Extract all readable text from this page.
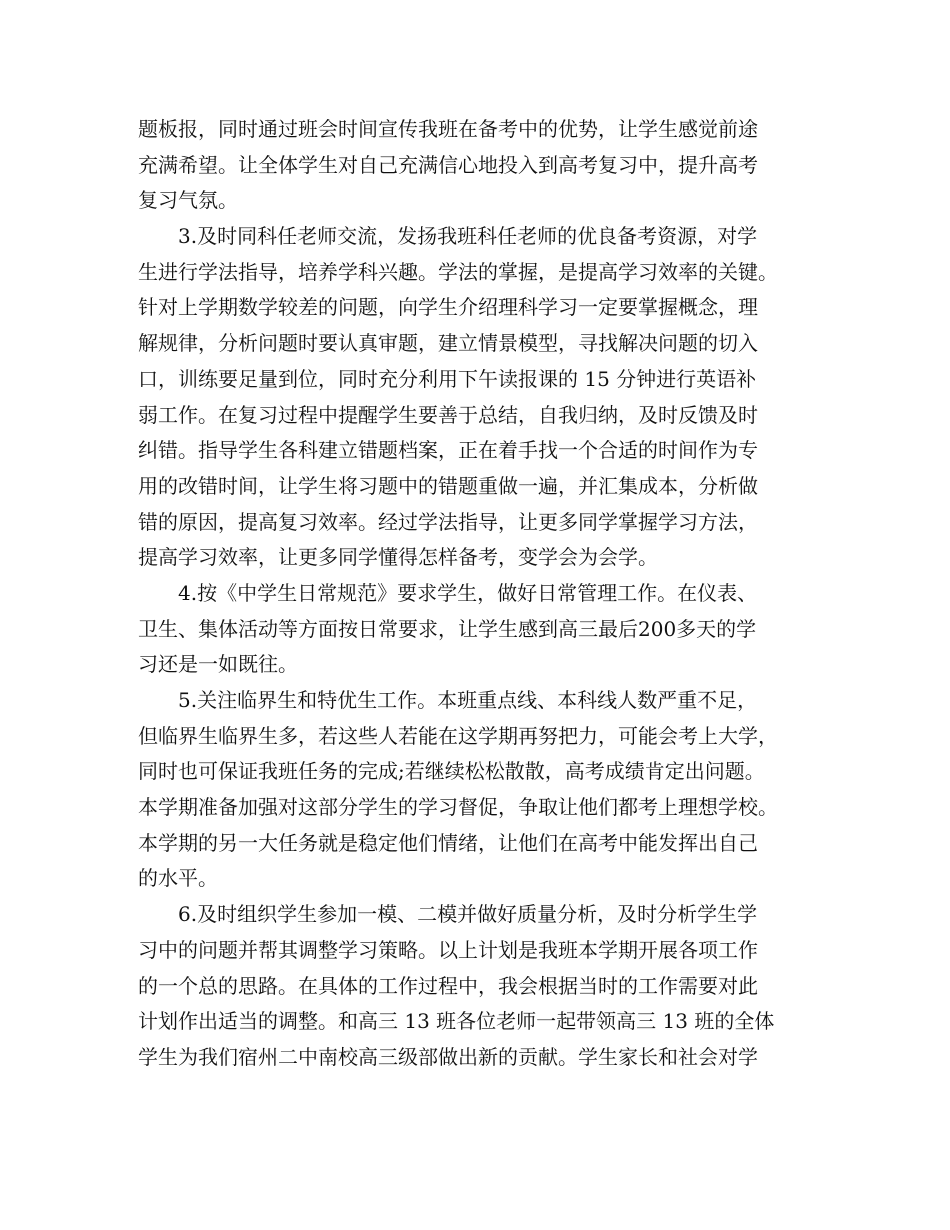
题板报，同时通过班会时间宣传我班在备考中的优势，让学生感觉前途
充满希望。让全体学生对自己充满信心地投入到高考复习中，提升高考
复习气氛。
3.及时同科任老师交流，发扬我班科任老师的优良备考资源，对学
生进行学法指导，培养学科兴趣。学法的掌握，是提高学习效率的关键。
针对上学期数学较差的问题，向学生介绍理科学习一定要掌握概念，理
解规律，分析问题时要认真审题，建立情景模型，寻找解决问题的切入
口，训练要足量到位，同时充分利用下午读报课的 15 分钟进行英语补
弱工作。在复习过程中提醒学生要善于总结，自我归纳，及时反馈及时
纠错。指导学生各科建立错题档案，正在着手找一个合适的时间作为专
用的改错时间，让学生将习题中的错题重做一遍，并汇集成本，分析做
错的原因，提高复习效率。经过学法指导，让更多同学掌握学习方法，
提高学习效率，让更多同学懂得怎样备考，变学会为会学。
4.按《中学生日常规范》要求学生，做好日常管理工作。在仪表、
卫生、集体活动等方面按日常要求，让学生感到高三最后200多天的学
习还是一如既往。
5.关注临界生和特优生工作。本班重点线、本科线人数严重不足，
但临界生临界生多，若这些人若能在这学期再努把力，可能会考上大学，
同时也可保证我班任务的完成;若继续松松散散，高考成绩肯定出问题。
本学期准备加强对这部分学生的学习督促，争取让他们都考上理想学校。
本学期的另一大任务就是稳定他们情绪，让他们在高考中能发挥出自己
的水平。
6.及时组织学生参加一模、二模并做好质量分析，及时分析学生学
习中的问题并帮其调整学习策略。以上计划是我班本学期开展各项工作
的一个总的思路。在具体的工作过程中，我会根据当时的工作需要对此
计划作出适当的调整。和高三 13 班各位老师一起带领高三 13 班的全体
学生为我们宿州二中南校高三级部做出新的贡献。学生家长和社会对学
